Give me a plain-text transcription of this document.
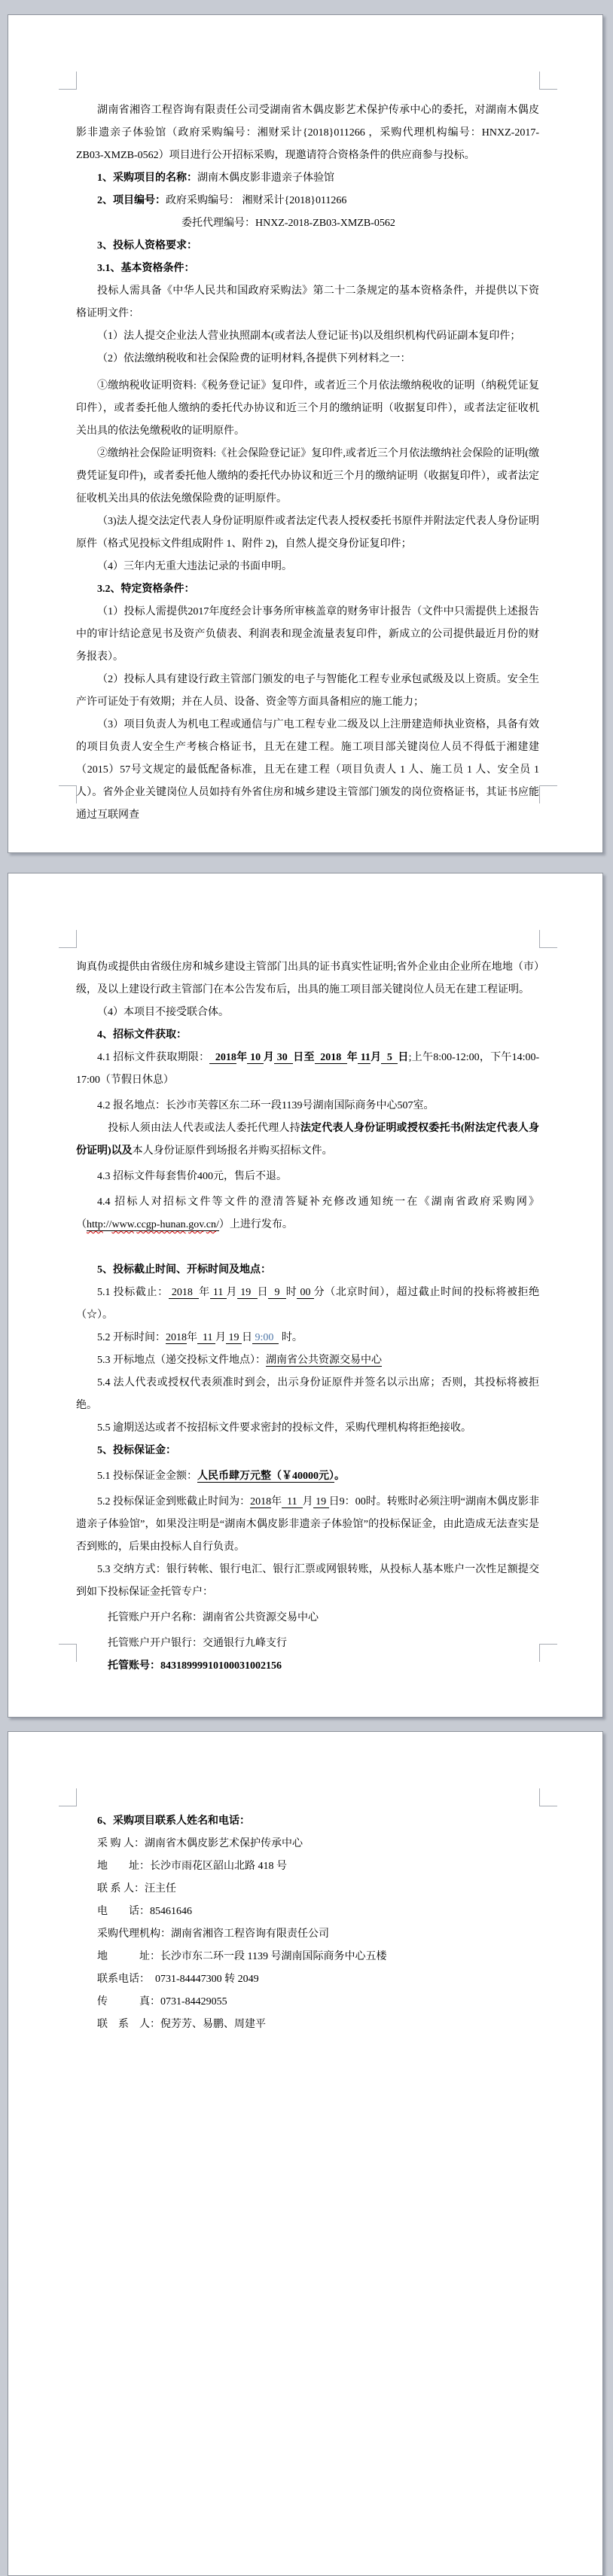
湖南省湘咨工程咨询有限责任公司受湖南省木偶皮影艺术保护传承中心的委托，对湖南木偶皮影非遗亲子体验馆（政府采购编号：湘财采计{2018}011266 ，采购代理机构编号：HNXZ-2017-ZB03-XMZB-0562）项目进行公开招标采购，现邀请符合资格条件的供应商参与投标。

1、采购项目的名称：湖南木偶皮影非遗亲子体验馆

2、项目编号：政府采购编号： 湘财采计{2018}011266

委托代理编号：HNXZ-2018-ZB03-XMZB-0562

3、投标人资格要求：

3.1、基本资格条件：

投标人需具备《中华人民共和国政府采购法》第二十二条规定的基本资格条件，并提供以下资格证明文件：

（1）法人提交企业法人营业执照副本(或者法人登记证书)以及组织机构代码证副本复印件；

（2）依法缴纳税收和社会保险费的证明材料,各提供下列材料之一：

①缴纳税收证明资料:《税务登记证》复印件，或者近三个月依法缴纳税收的证明（纳税凭证复印件），或者委托他人缴纳的委托代办协议和近三个月的缴纳证明（收据复印件），或者法定征收机关出具的依法免缴税收的证明原件。

②缴纳社会保险证明资料:《社会保险登记证》复印件,或者近三个月依法缴纳社会保险的证明(缴费凭证复印件)，或者委托他人缴纳的委托代办协议和近三个月的缴纳证明（收据复印件），或者法定征收机关出具的依法免缴保险费的证明原件。

（3)法人提交法定代表人身份证明原件或者法定代表人授权委托书原件并附法定代表人身份证明原件（格式见投标文件组成附件 1、附件 2)，自然人提交身份证复印件；

（4）三年内无重大违法记录的书面申明。

3.2、特定资格条件：

（1）投标人需提供2017年度经会计事务所审核盖章的财务审计报告（文件中只需提供上述报告中的审计结论意见书及资产负债表、利润表和现金流量表复印件，新成立的公司提供最近月份的财务报表）。

（2）投标人具有建设行政主管部门颁发的电子与智能化工程专业承包贰级及以上资质。安全生产许可证处于有效期；并在人员、设备、资金等方面具备相应的施工能力；

（3）项目负责人为机电工程或通信与广电工程专业二级及以上注册建造师执业资格，具备有效的项目负责人安全生产考核合格证书，且无在建工程。施工项目部关键岗位人员不得低于湘建建（2015）57号文规定的最低配备标准，且无在建工程（项目负责人 1 人、施工员 1 人、安全员 1 人）。省外企业关键岗位人员如持有外省住房和城乡建设主管部门颁发的岗位资格证书，其证书应能通过互联网查

询真伪或提供由省级住房和城乡建设主管部门出具的证书真实性证明;省外企业由企业所在地地（市）级，及以上建设行政主管部门在本公告发布后，出具的施工项目部关键岗位人员无在建工程证明。

（4）本项目不接受联合体。

4、招标文件获取：

4.1 招标文件获取期限：  2018年 10 月 30  日至  2018  年 11月  5  日;上午8:00-12:00，下午14:00-17:00（节假日休息）

4.2 报名地点：长沙市芙蓉区东二环一段1139号湖南国际商务中心507室。

　投标人须由法人代表或法人委托代理人持法定代表人身份证明或授权委托书(附法定代表人身份证明)以及本人身份证原件到场报名并购买招标文件。

4.3 招标文件每套售价400元，售后不退。

4.4 招标人对招标文件等文件的澄清答疑补充修改通知统一在《湖南省政府采购网》（http://www.ccgp-hunan.gov.cn/）上进行发布。

5、投标截止时间、开标时间及地点：

5.1 投标截止： 2018  年 11 月 19  日  9  时 00 分（北京时间），超过截止时间的投标将被拒绝（☆）。

5.2 开标时间：2018年  11 月 19 日 9:00   时。

5.3 开标地点（递交投标文件地点）：湖南省公共资源交易中心

5.4 法人代表或授权代表须准时到会，出示身份证原件并签名以示出席；否则，其投标将被拒绝。

5.5 逾期送达或者不按招标文件要求密封的投标文件，采购代理机构将拒绝接收。

5、投标保证金：

5.1 投标保证金金额：人民币肆万元整（￥40000元）。

5.2 投标保证金到账截止时间为：2018年  11  月 19 日9：00时。转账时必须注明“湖南木偶皮影非遗亲子体验馆”，如果没注明是“湖南木偶皮影非遗亲子体验馆”的投标保证金，由此造成无法查实是否到账的，后果由投标人自行负责。

5.3 交纳方式：银行转帐、银行电汇、银行汇票或网银转账，从投标人基本账户一次性足额提交到如下投标保证金托管专户：

　托管账户开户名称：湖南省公共资源交易中心

　托管账户开户银行：交通银行九峰支行

　托管账号：84318999910100031002156

6、采购项目联系人姓名和电话：

采 购 人：湖南省木偶皮影艺术保护传承中心

地　　址：长沙市雨花区韶山北路 418 号

联 系 人：汪主任

电　　话：85461646

采购代理机构：湖南省湘咨工程咨询有限责任公司

地　　　址：长沙市东二环一段 1139 号湖南国际商务中心五楼

联系电话：　0731-84447300 转 2049

传　　　真：0731-84429055

联　系　人：倪芳芳、易鹏、周建平
